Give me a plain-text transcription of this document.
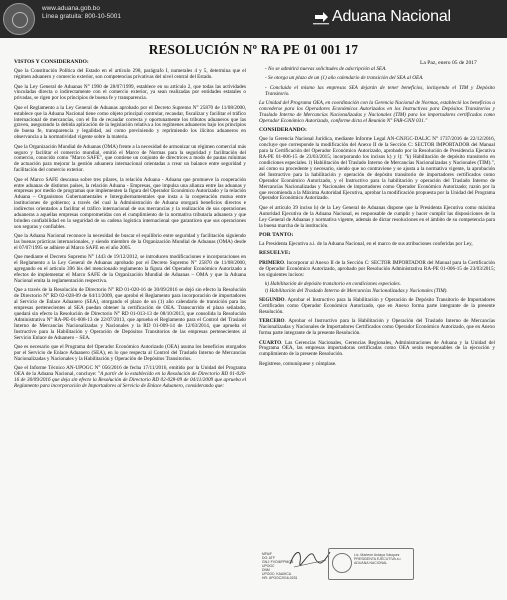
www.aduana.gob.bo
Línea gratuita: 800-10-5001	Aduana Nacional
RESOLUCIÓN Nº RA PE 01 001 17
La Paz, enero 05 de 2017

VISTOS Y CONSIDERANDO:

Que la Constitución Política del Estado en el artículo 298, parágrafo I, numerales 4 y 5, determina que el régimen aduanero y comercio exterior, son competencias privativas del nivel central del Estado.

Que la Ley General de Aduanas N° 1990 de 28/07/1999, establece en su artículo 2, que todas las actividades vinculadas directa o indirectamente con el comercio exterior, ya sean realizadas por entidades estatales o privadas, se rigen por los principios de buena fe y transparencia.

Que el Reglamento a la Ley General de Aduanas aprobado por el Decreto Supremo N° 25870 de 11/08/2000, establece que la Aduana Nacional tiene como objeto principal controlar, recaudar, fiscalizar y facilitar el tráfico internacional de mercancías, con el fin de recaudar correcta y oportunamente los tributos aduaneros que las graven, asegurando la debida aplicación de la legislación relativa a los regímenes aduaneros bajo los principios de buena fe, transparencia y legalidad, así como previniendo y reprimiendo los ilícitos aduaneros en observancia a la normatividad vigente sobre la materia.

Que la Organización Mundial de Aduanas (OMA) frente a la necesidad de armonizar un régimen comercial más seguro y facilitar el comercio mundial, emitió el Marco de Normas para la seguridad y facilitación del comercio, conocido como "Marco SAFE", que contiene un conjunto de directrices a modo de pautas mínimas de actuación para mejorar la gestión aduanera internacional orientadas a crear un balance entre seguridad y facilitación del comercio exterior.

Que el Marco SAFE descansa sobre tres pilares, la relación Aduana - Aduana que promueve la cooperación entre aduanas de distintos países, la relación Aduana - Empresas, que impulsa una alianza entre las aduanas y empresas por medio de programas que implementen la figura del Operador Económico Autorizado y la relación Aduana – Organismos Gubernamentales e Intergubernamentales que insta a la cooperación mutua entre instituciones de gobierno; a través del cual la Administración de Aduana otorgará beneficios directos e indirectos orientados a facilitar el tráfico internacional de sus mercancías y la realización de sus operaciones aduaneras a aquellas empresas comprometidas con el cumplimiento de la normativa tributaria aduanera y que brinden confiabilidad en la seguridad de su cadena logística internacional que garanticen que sus operaciones son seguras y confiables.

Que la Aduana Nacional reconoce la necesidad de buscar el equilibrio entre seguridad y facilitación siguiendo las buenas prácticas internacionales, y siendo miembro de la Organización Mundial de Aduanas (OMA) desde el 07/07/1995 se adhiere al Marco SAFE en el año 2005.

Que mediante el Decreto Supremo N° 1443 de 19/12/2012, se introducen modificaciones e incorporaciones en el Reglamento a la Ley General de Aduanas aprobado por el Decreto Supremo N° 25870 de 11/08/2000, agregando en el artículo 396 bis del mencionado reglamento la figura del Operador Económico Autorizado a efectos de implementar el Marco SAFE de la Organización Mundial de Aduanas – OMA y que la Aduana Nacional emita la reglamentación respectiva.

Que a través de la Resolución de Directorio N° RD 01-020-16 de 30/09/2016 se dejó sin efecto la Resolución de Directorio N° RD 02-028-09 de 04/11/2009, que aprobó el Reglamento para incorporación de importadores al Servicio de Enlace Aduanero (SEA), otorgando el plazo de un (1) año calendario de transición para las empresas pertenecientes al SEA puedan obtener la certificación de OEA. Transcurrido el plazo señalado, quedará sin efecto la Resolución de Directorio N° RD 01-013-13 de 08/10/2013, que consolida la Resolución Administrativa N° RA-PE-01-008-13 de 22/07/2013, que aprueba el Reglamento para el Control del Traslado Interno de Mercancías Nacionalizadas y Nacionales y la RD 01-009-14 de 12/03/2014, que aprueba el Instructivo para la Habilitación y Operación de Depósitos Transitorios de las empresas pertenecientes al Servicio Enlace de Aduanero – SEA.

Que es necesario que el Programa del Operador Económico Autorizado (OEA) asuma los beneficios otorgados por el Servicio de Enlace Aduanero (SEA), en lo que respecta al Control del Traslado Interno de Mercancías Nacionalizadas y Nacionales y la Habilitación y Operación de Depósitos Transitorios.

Que el Informe Técnico AN-UPOGC N° 056/2016 de fecha 17/11/2016, emitido por la Unidad del Programa OEA de la Aduana Nacional, concluye: "A partir de lo establecido en la Resolución de Directorio RD 01-020-16 de 30/09/2016 que deja sin efecto la Resolución de Directorio RD 02-028-09 de 04/11/2009 que aprueba el Reglamento para incorporación de Importadores al Servicio de Enlace Aduanero, considerando que:

- No se admitirá nuevas solicitudes de adscripción al SEA.

- Se otorga un plazo de un (1) año calendario de transición del SEA al OEA.

- Concluido el mismo las empresas SEA dejarán de tener beneficios, incluyendo el TIM y Depósito Transitorio.

La Unidad del Programa OEA, en coordinación con la Gerencia Nacional de Normas, estableció los beneficios a concederse para los Operadores Económicos Autorizados en los Instructivos para Depósitos Transitorios y Traslado Interno de Mercancías Nacionalizadas y Nacionales (TIM) para los importadores certificados como Operador Económico Autorizado, conforme dicta el Reunión N° FAR-GNN 031."

CONSIDERANDO:

Que la Gerencia Nacional Jurídica, mediante Informe Legal AN-GNJGC-DALJC N° 1737/2016 de 22/12/2016, concluye que corresponde la modificación del Anexo II de la Sección C: SECTOR IMPORTADOR del Manual para la Certificación del Operador Económico Autorizado, aprobado por la Resolución de Presidencia Ejecutiva RA-PE 01-006-15 de 23/03/2015; incorporando los incisos k) y l): "k) Habilitación de depósito transitorio en condiciones especiales. l) Habilitación del Traslado Interno de Mercancías Nacionalizadas y Nacionales (TIM).", así como su procedente y necesario, siendo que no contraviene y se ajusta a la normativa vigente, la aprobación del Instructivo para la habilitación y operación de depósito transitorio de importadores certificados como Operador Económico Autorizado, y el Instructivo para la habilitación y operación del Traslado Interno de Mercancías Nacionalizadas y Nacionales de importadores como Operador Económico Autorizado; razón por la que recomienda a la Máxima Autoridad Ejecutiva, aprobar la modificación propuesta por la Unidad del Programa Operador Económico Autorizado.

Que el artículo 39 inciso h) de la Ley General de Aduanas dispone que la Presidenta Ejecutiva como máxima Autoridad Ejecutiva de la Aduana Nacional, es responsable de cumplir y hacer cumplir las disposiciones de la Ley General de Aduanas y normativa vigente, además de dictar resoluciones en el ámbito de su competencia para la buena marcha de la institución.

POR TANTO:

La Presidenta Ejecutiva a.i. de la Aduana Nacional, en el marco de sus atribuciones conferidas por Ley,

RESUELVE:

PRIMERO. Incorporar al Anexo II de la Sección C: SECTOR IMPORTADOR del Manual para la Certificación de Operador Económico Autorizado, aprobado por Resolución Administrativa RA-PE 01-006-15 de 23/03/2015; los siguientes incisos:

k) Habilitación de depósito transitorio en condiciones especiales.

l) Habilitación del Traslado Interno de Mercancías Nacionalizadas y Nacionales (TIM).

SEGUNDO. Aprobar el Instructivo para la Habilitación y Operación de Depósito Transitorio de Importadores Certificados como Operador Económico Autorizado, que en Anexo forma parte integrante de la presente Resolución.

TERCERO. Aprobar el Instructivo para la Habilitación y Operación del Traslado Interno de Mercancías Nacionalizadas y Nacionales de Importadores Certificados como Operador Económico Autorizado, que en Anexo forma parte integrante de la presente Resolución.

CUARTO. Las Gerencias Nacionales, Gerencias Regionales, Administraciones de Aduana y la Unidad del Programa OEA, las empresas importadoras certificadas como OEA serán responsables de la ejecución y cumplimiento de la presente Resolución.

Regístrese, comuníquese y cúmplase.

MFA/F
DG: ATF
GNJ: FVCM/FPMOB
UPOGC
DNM
UPOGC: KAA/KCA
HR: UPOGC2016-0231
Lic. Marlene Ardaya Vásquez
PRESIDENTA EJECUTIVA a.i.
ADUANA NACIONAL
